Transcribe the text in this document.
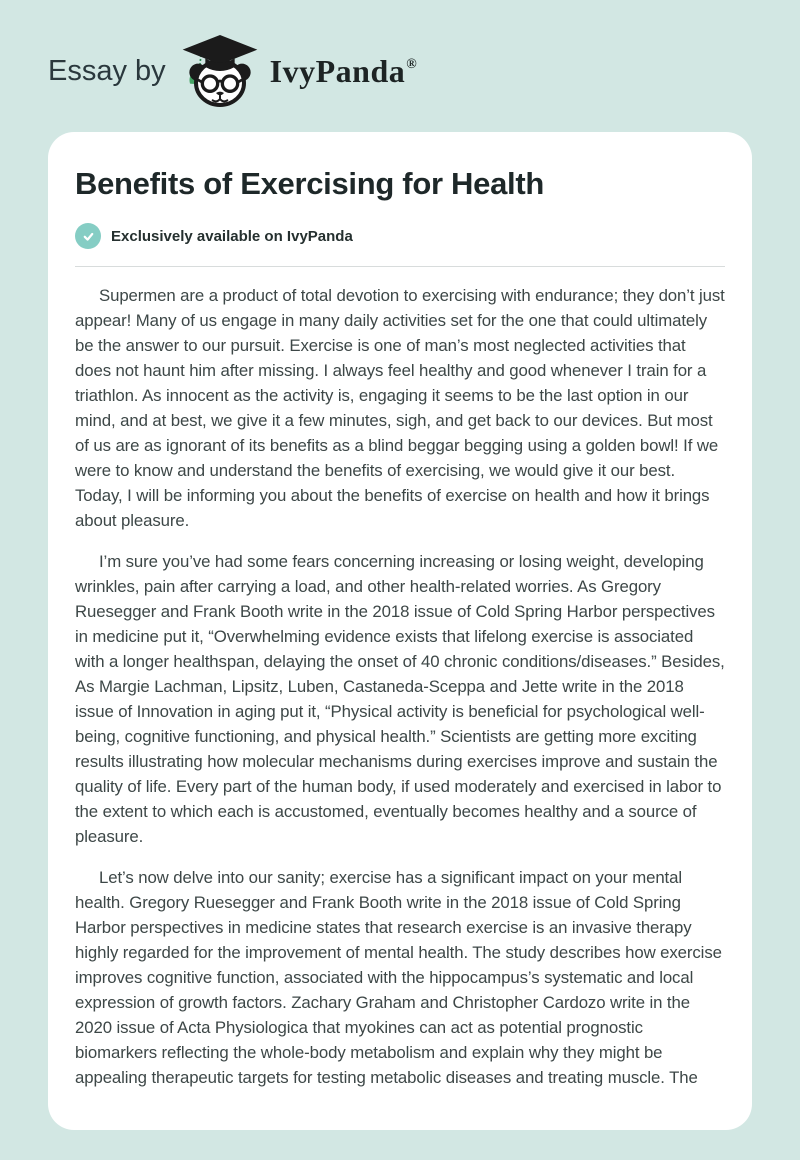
Essay by	IvyPanda®
Benefits of Exercising for Health
Exclusively available on IvyPanda

Supermen are a product of total devotion to exercising with endurance; they don’t just appear! Many of us engage in many daily activities set for the one that could ultimately be the answer to our pursuit. Exercise is one of man’s most neglected activities that does not haunt him after missing. I always feel healthy and good whenever I train for a triathlon. As innocent as the activity is, engaging it seems to be the last option in our mind, and at best, we give it a few minutes, sigh, and get back to our devices. But most of us are as ignorant of its benefits as a blind beggar begging using a golden bowl! If we were to know and understand the benefits of exercising, we would give it our best. Today, I will be informing you about the benefits of exercise on health and how it brings about pleasure.

I’m sure you’ve had some fears concerning increasing or losing weight, developing wrinkles, pain after carrying a load, and other health-related worries. As Gregory Ruesegger and Frank Booth write in the 2018 issue of Cold Spring Harbor perspectives in medicine put it, “Overwhelming evidence exists that lifelong exercise is associated with a longer healthspan, delaying the onset of 40 chronic conditions/diseases.” Besides, As Margie Lachman, Lipsitz, Luben, Castaneda-Sceppa and Jette write in the 2018 issue of Innovation in aging put it, “Physical activity is beneficial for psychological well-being, cognitive functioning, and physical health.” Scientists are getting more exciting results illustrating how molecular mechanisms during exercises improve and sustain the quality of life. Every part of the human body, if used moderately and exercised in labor to the extent to which each is accustomed, eventually becomes healthy and a source of pleasure.

Let’s now delve into our sanity; exercise has a significant impact on your mental health. Gregory Ruesegger and Frank Booth write in the 2018 issue of Cold Spring Harbor perspectives in medicine states that research exercise is an invasive therapy highly regarded for the improvement of mental health. The study describes how exercise improves cognitive function, associated with the hippocampus’s systematic and local expression of growth factors. Zachary Graham and Christopher Cardozo write in the 2020 issue of Acta Physiologica that myokines can act as potential prognostic biomarkers reflecting the whole-body metabolism and explain why they might be appealing therapeutic targets for testing metabolic diseases and treating muscle. The
